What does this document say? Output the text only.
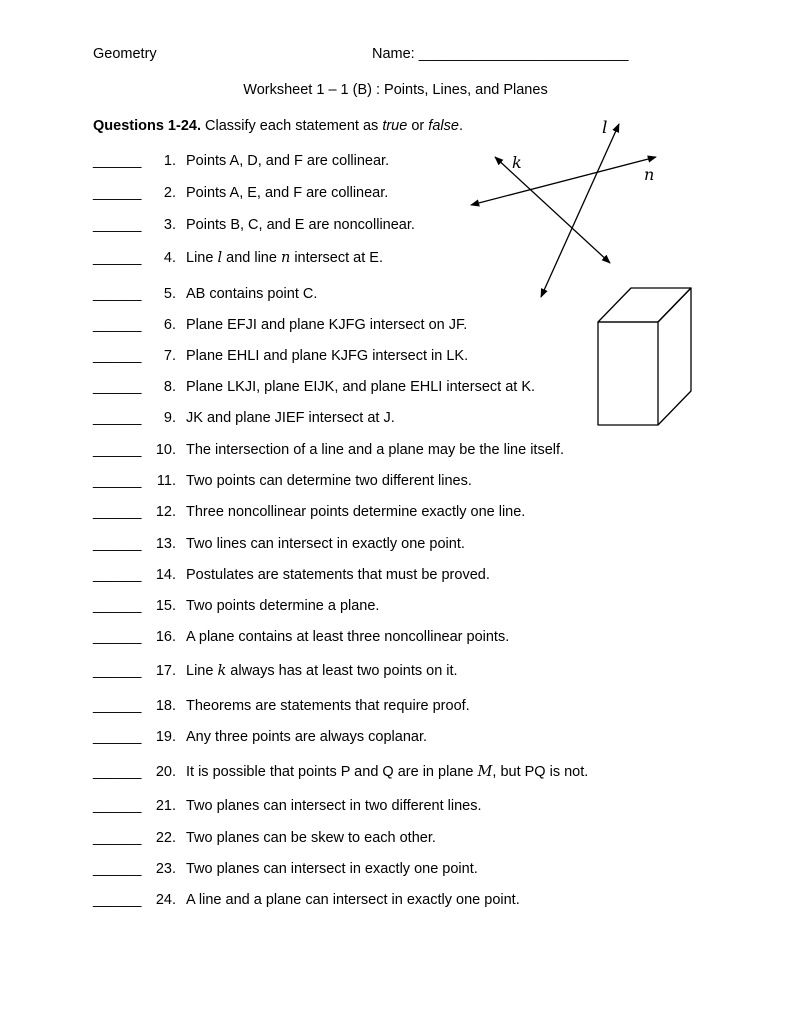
Geometry	Name: __________________________
Worksheet 1 – 1 (B) : Points, Lines, and Planes
Questions 1-24. Classify each statement as true or false.
______	1. Points A, D, and F are collinear.
______	2. Points A, E, and F are collinear.
______	3. Points B, C, and E are noncollinear.
______	4. Line l and line n intersect at E.
______	5. AB contains point C.
______	6. Plane EFJI and plane KJFG intersect on JF.
______	7. Plane EHLI and plane KJFG intersect in LK.
______	8. Plane LKJI, plane EIJK, and plane EHLI intersect at K.
______	9. JK and plane JIEF intersect at J.
______ 10. The intersection of a line and a plane may be the line itself.
______	11. Two points can determine two different lines.
______ 12. Three noncollinear points determine exactly one line.
______ 13. Two lines can intersect in exactly one point.
______ 14. Postulates are statements that must be proved.
______ 15. Two points determine a plane.
______ 16. A plane contains at least three noncollinear points.
______ 17. Line k always has at least two points on it.
______ 18. Theorems are statements that require proof.
______ 19. Any three points are always coplanar.
______ 20. It is possible that points P and Q are in plane M, but PQ is not.
______ 21. Two planes can intersect in two different lines.
______ 22. Two planes can be skew to each other.
______ 23. Two planes can intersect in exactly one point.
______ 24. A line and a plane can intersect in exactly one point.
l
k
n
